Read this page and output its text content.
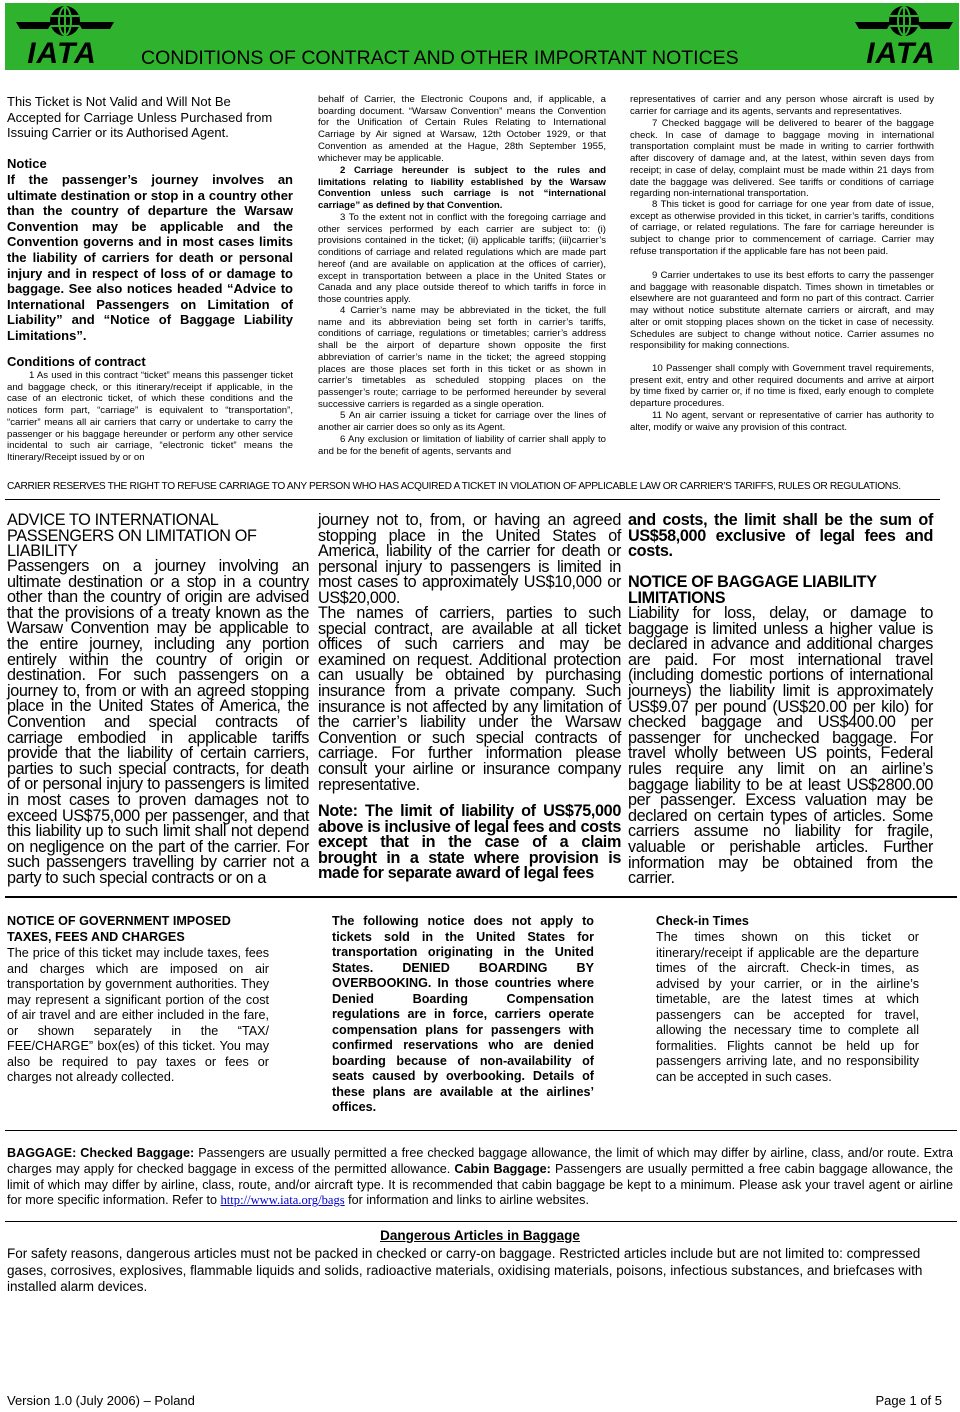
IATA	CONDITIONS OF CONTRACT AND OTHER IMPORTANT NOTICES	IATA
This Ticket is Not Valid and Will Not Be
Accepted for Carriage Unless Purchased from
Issuing Carrier or its Authorised Agent.
Notice

If the passenger’s journey involves an ultimate destination or stop in a country other than the country of departure the Warsaw Convention may be applicable and the Convention governs and in most cases limits the liability of carriers for death or personal injury and in respect of loss of or damage to baggage. See also notices headed “Advice to International Passengers on Limitation of Liability” and “Notice of Baggage Liability Limitations”.

Conditions of contract

1 As used in this contract “ticket” means this passenger ticket and baggage check, or this itinerary/receipt if applicable, in the case of an electronic ticket, of which these conditions and the notices form part, “carriage” is equivalent to “transportation”, “carrier” means all air carriers that carry or undertake to carry the passenger or his baggage hereunder or perform any other service incidental to such air carriage, “electronic ticket” means the Itinerary/Receipt issued by or on

behalf of Carrier, the Electronic Coupons and, if applicable, a boarding document. “Warsaw Convention” means the Convention for the Unification of Certain Rules Relating to International Carriage by Air signed at Warsaw, 12th October 1929, or that Convention as amended at the Hague, 28th September 1955, whichever may be applicable.

2 Carriage hereunder is subject to the rules and limitations relating to liability established by the Warsaw Convention unless such carriage is not “international carriage” as defined by that Convention.

3 To the extent not in conflict with the foregoing carriage and other services performed by each carrier are subject to: (i) provisions contained in the ticket; (ii) applicable tariffs; (iii)carrier’s conditions of carriage and related regulations which are made part hereof (and are available on application at the offices of carrier), except in transportation between a place in the United States or Canada and any place outside thereof to which tariffs in force in those countries apply.

4 Carrier’s name may be abbreviated in the ticket, the full name and its abbreviation being set forth in carrier’s tariffs, conditions of carriage, regulations or timetables; carrier’s address shall be the airport of departure shown opposite the first abbreviation of carrier’s name in the ticket; the agreed stopping places are those places set forth in this ticket or as shown in carrier’s timetables as scheduled stopping places on the passenger’s route; carriage to be performed hereunder by several successive carriers is regarded as a single operation.

5 An air carrier issuing a ticket for carriage over the lines of another air carrier does so only as its Agent.

6 Any exclusion or limitation of liability of carrier shall apply to and be for the benefit of agents, servants and

representatives of carrier and any person whose aircraft is used by carrier for carriage and its agents, servants and representatives.

7 Checked baggage will be delivered to bearer of the baggage check. In case of damage to baggage moving in international transportation complaint must be made in writing to carrier forthwith after discovery of damage and, at the latest, within seven days from receipt; in case of delay, complaint must be made within 21 days from date the baggage was delivered. See tariffs or conditions of carriage regarding non-international transportation.

8 This ticket is good for carriage for one year from date of issue, except as otherwise provided in this ticket, in carrier’s tariffs, conditions of carriage, or related regulations. The fare for carriage hereunder is subject to change prior to commencement of carriage. Carrier may refuse transportation if the applicable fare has not been paid.

9 Carrier undertakes to use its best efforts to carry the passenger and baggage with reasonable dispatch. Times shown in timetables or elsewhere are not guaranteed and form no part of this contract. Carrier may without notice substitute alternate carriers or aircraft, and may alter or omit stopping places shown on the ticket in case of necessity. Schedules are subject to change without notice. Carrier assumes no responsibility for making connections.

10 Passenger shall comply with Government travel requirements, present exit, entry and other required documents and arrive at airport by time fixed by carrier or, if no time is fixed, early enough to complete departure procedures.

11 No agent, servant or representative of carrier has authority to alter, modify or waive any provision of this contract.

CARRIER RESERVES THE RIGHT TO REFUSE CARRIAGE TO ANY PERSON WHO HAS ACQUIRED A TICKET IN VIOLATION OF APPLICABLE LAW OR CARRIER’S TARIFFS, RULES OR REGULATIONS.
ADVICE TO INTERNATIONAL PASSENGERS ON LIMITATION OF LIABILITY

Passengers on a journey involving an ultimate destination or a stop in a country other than the country of origin are advised that the provisions of a treaty known as the Warsaw Convention may be applicable to the entire journey, including any portion entirely within the country of origin or destination. For such passengers on a journey to, from or with an agreed stopping place in the United States of America, the Convention and special contracts of carriage embodied in applicable tariffs provide that the liability of certain carriers, parties to such special contracts, for death of or personal injury to passengers is limited in most cases to proven damages not to exceed US$75,000 per passenger, and that this liability up to such limit shall not depend on negligence on the part of the carrier. For such passengers travelling by carrier not a party to such special contracts or on a

journey not to, from, or having an agreed stopping place in the United States of America, liability of the carrier for death or personal injury to passengers is limited in most cases to approximately US$10,000 or US$20,000.

The names of carriers, parties to such special contract, are available at all ticket offices of such carriers and may be examined on request. Additional protection can usually be obtained by purchasing insurance from a private company. Such insurance is not affected by any limitation of the carrier’s liability under the Warsaw Convention or such special contracts of carriage. For further information please consult your airline or insurance company representative.

Note: The limit of liability of US$75,000 above is inclusive of legal fees and costs except that in the case of a claim brought in a state where provision is made for separate award of legal fees

and costs, the limit shall be the sum of US$58,000 exclusive of legal fees and costs.

NOTICE OF BAGGAGE LIABILITY LIMITATIONS

Liability for loss, delay, or damage to baggage is limited unless a higher value is declared in advance and additional charges are paid. For most international travel (including domestic portions of international journeys) the liability limit is approximately US$9.07 per pound (US$20.00 per kilo) for checked baggage and US$400.00 per passenger for unchecked baggage. For travel wholly between US points, Federal rules require any limit on an airline’s baggage liability to be at least US$2800.00 per passenger. Excess valuation may be declared on certain types of articles. Some carriers assume no liability for fragile, valuable or perishable articles. Further information may be obtained from the carrier.

NOTICE OF GOVERNMENT IMPOSED TAXES, FEES AND CHARGES

The price of this ticket may include taxes, fees and charges which are imposed on air transportation by government authorities. They may represent a significant portion of the cost of air travel and are either included in the fare, or shown separately in the “TAX/ FEE/CHARGE” box(es) of this ticket. You may also be required to pay taxes or fees or charges not already collected.

The following notice does not apply to tickets sold in the United States for transportation originating in the United States. DENIED BOARDING BY OVERBOOKING. In those countries where Denied Boarding Compensation regulations are in force, carriers operate compensation plans for passengers with confirmed reservations who are denied boarding because of non-availability of seats caused by overbooking. Details of these plans are available at the airlines’ offices.

Check-in Times

The times shown on this ticket or itinerary/receipt if applicable are the departure times of the aircraft. Check-in times, as advised by your carrier, or in the airline’s timetable, are the latest times at which passengers can be accepted for travel, allowing the necessary time to complete all formalities. Flights cannot be held up for passengers arriving late, and no responsibility can be accepted in such cases.

BAGGAGE: Checked Baggage: Passengers are usually permitted a free checked baggage allowance, the limit of which may differ by airline, class, and/or route. Extra charges may apply for checked baggage in excess of the permitted allowance. Cabin Baggage: Passengers are usually permitted a free cabin baggage allowance, the limit of which may differ by airline, class, route, and/or aircraft type. It is recommended that cabin baggage be kept to a minimum. Please ask your travel agent or airline for more specific information. Refer to http://www.iata.org/bags for information and links to airline websites.

Dangerous Articles in Baggage

For safety reasons, dangerous articles must not be packed in checked or carry-on baggage. Restricted articles include but are not limited to: compressed gases, corrosives, explosives, flammable liquids and solids, radioactive materials, oxidising materials, poisons, infectious substances, and briefcases with installed alarm devices.

Version 1.0 (July 2006) – Poland	Page 1 of 5
